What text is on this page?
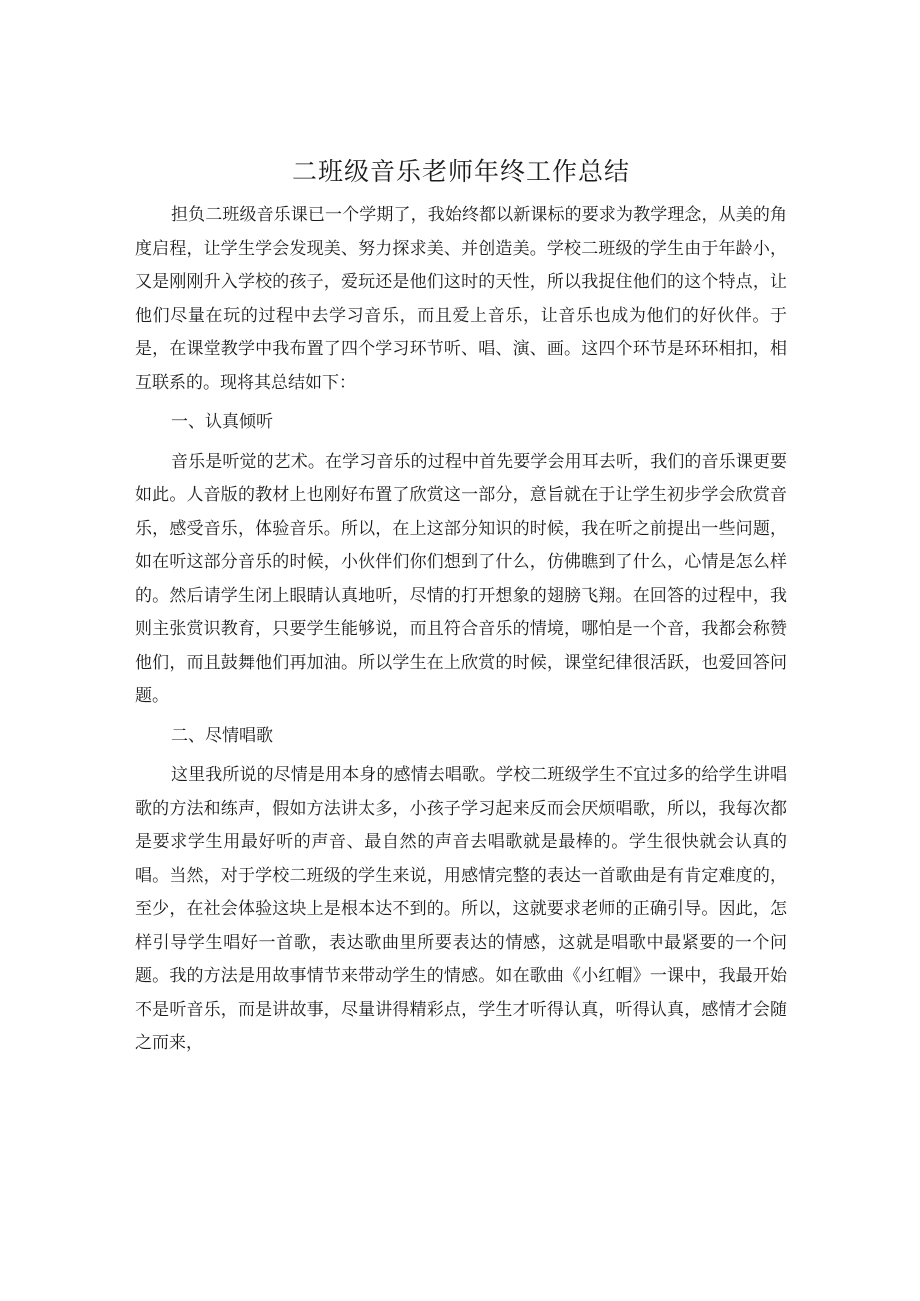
二班级音乐老师年终工作总结

担负二班级音乐课已一个学期了，我始终都以新课标的要求为教学理念，从美的角度启程，让学生学会发现美、努力探求美、并创造美。学校二班级的学生由于年龄小，又是刚刚升入学校的孩子，爱玩还是他们这时的天性，所以我捉住他们的这个特点，让他们尽量在玩的过程中去学习音乐，而且爱上音乐，让音乐也成为他们的好伙伴。于是，在课堂教学中我布置了四个学习环节听、唱、演、画。这四个环节是环环相扣，相互联系的。现将其总结如下：

一、认真倾听

音乐是听觉的艺术。在学习音乐的过程中首先要学会用耳去听，我们的音乐课更要如此。人音版的教材上也刚好布置了欣赏这一部分，意旨就在于让学生初步学会欣赏音乐，感受音乐，体验音乐。所以，在上这部分知识的时候，我在听之前提出一些问题，如在听这部分音乐的时候，小伙伴们你们想到了什么，仿佛瞧到了什么，心情是怎么样的。然后请学生闭上眼睛认真地听，尽情的打开想象的翅膀飞翔。在回答的过程中，我则主张赏识教育，只要学生能够说，而且符合音乐的情境，哪怕是一个音，我都会称赞他们，而且鼓舞他们再加油。所以学生在上欣赏的时候，课堂纪律很活跃，也爱回答问题。

二、尽情唱歌

这里我所说的尽情是用本身的感情去唱歌。学校二班级学生不宜过多的给学生讲唱歌的方法和练声，假如方法讲太多，小孩子学习起来反而会厌烦唱歌，所以，我每次都是要求学生用最好听的声音、最自然的声音去唱歌就是最棒的。学生很快就会认真的唱。当然，对于学校二班级的学生来说，用感情完整的表达一首歌曲是有肯定难度的，至少，在社会体验这块上是根本达不到的。所以，这就要求老师的正确引导。因此，怎样引导学生唱好一首歌，表达歌曲里所要表达的情感，这就是唱歌中最紧要的一个问题。我的方法是用故事情节来带动学生的情感。如在歌曲《小红帽》一课中，我最开始不是听音乐，而是讲故事，尽量讲得精彩点，学生才听得认真，听得认真，感情才会随之而来，
